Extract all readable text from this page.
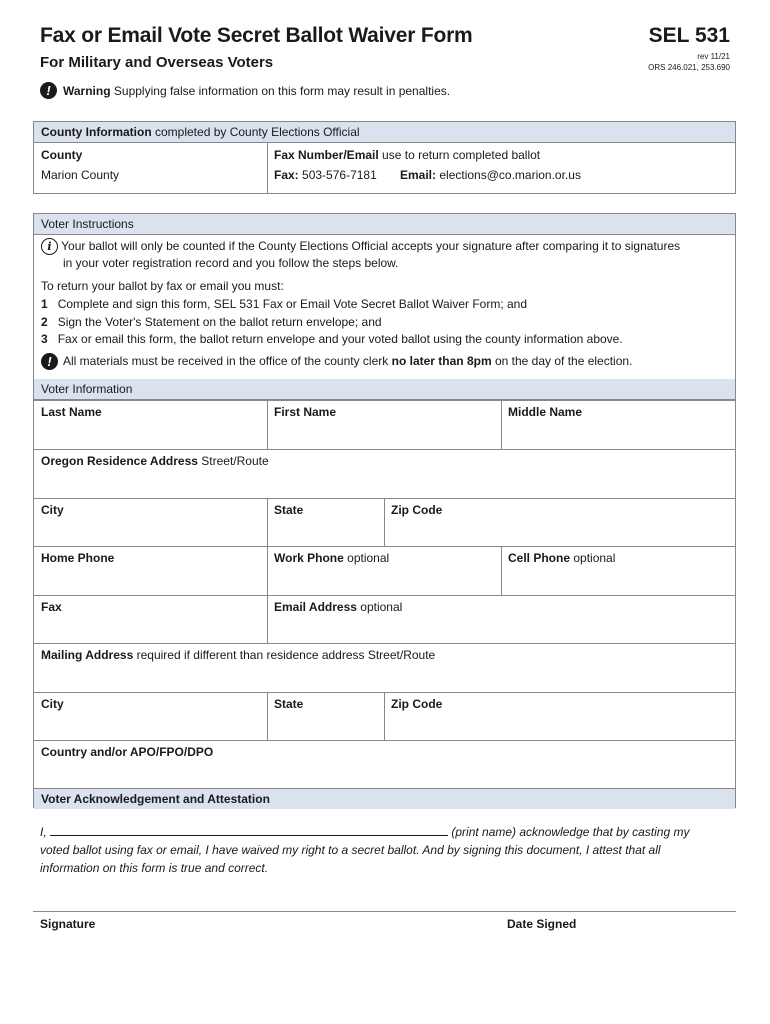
Fax or Email Vote Secret Ballot Waiver Form
For Military and Overseas Voters
SEL 531
rev 11/21
ORS 246.021, 253.690
!	Warning Supplying false information on this form may result in penalties.
County Information completed by County Elections Official
County
Marion County
Fax Number/Email use to return completed ballot
Fax: 503-576-7181 Email: elections@co.marion.or.us
Voter Instructions
i Your ballot will only be counted if the County Elections Official accepts your signature after comparing it to signatures
in your voter registration record and you follow the steps below.
To return your ballot by fax or email you must:
1 Complete and sign this form, SEL 531 Fax or Email Vote Secret Ballot Waiver Form; and
2 Sign the Voter's Statement on the ballot return envelope; and
3 Fax or email this form, the ballot return envelope and your voted ballot using the county information above.
! All materials must be received in the office of the county clerk no later than 8pm on the day of the election.
Voter Information
Last Name	First Name	Middle Name
Oregon Residence Address Street/Route
City	State	Zip Code
Home Phone	Work Phone optional	Cell Phone optional
Fax	Email Address optional
Mailing Address required if different than residence address Street/Route
City	State	Zip Code
Country and/or APO/FPO/DPO
Voter Acknowledgement and Attestation
I,	(print name) acknowledge that by casting my
voted ballot using fax or email, I have waived my right to a secret ballot. And by signing this document, I attest that all
information on this form is true and correct.
Signature	Date Signed
